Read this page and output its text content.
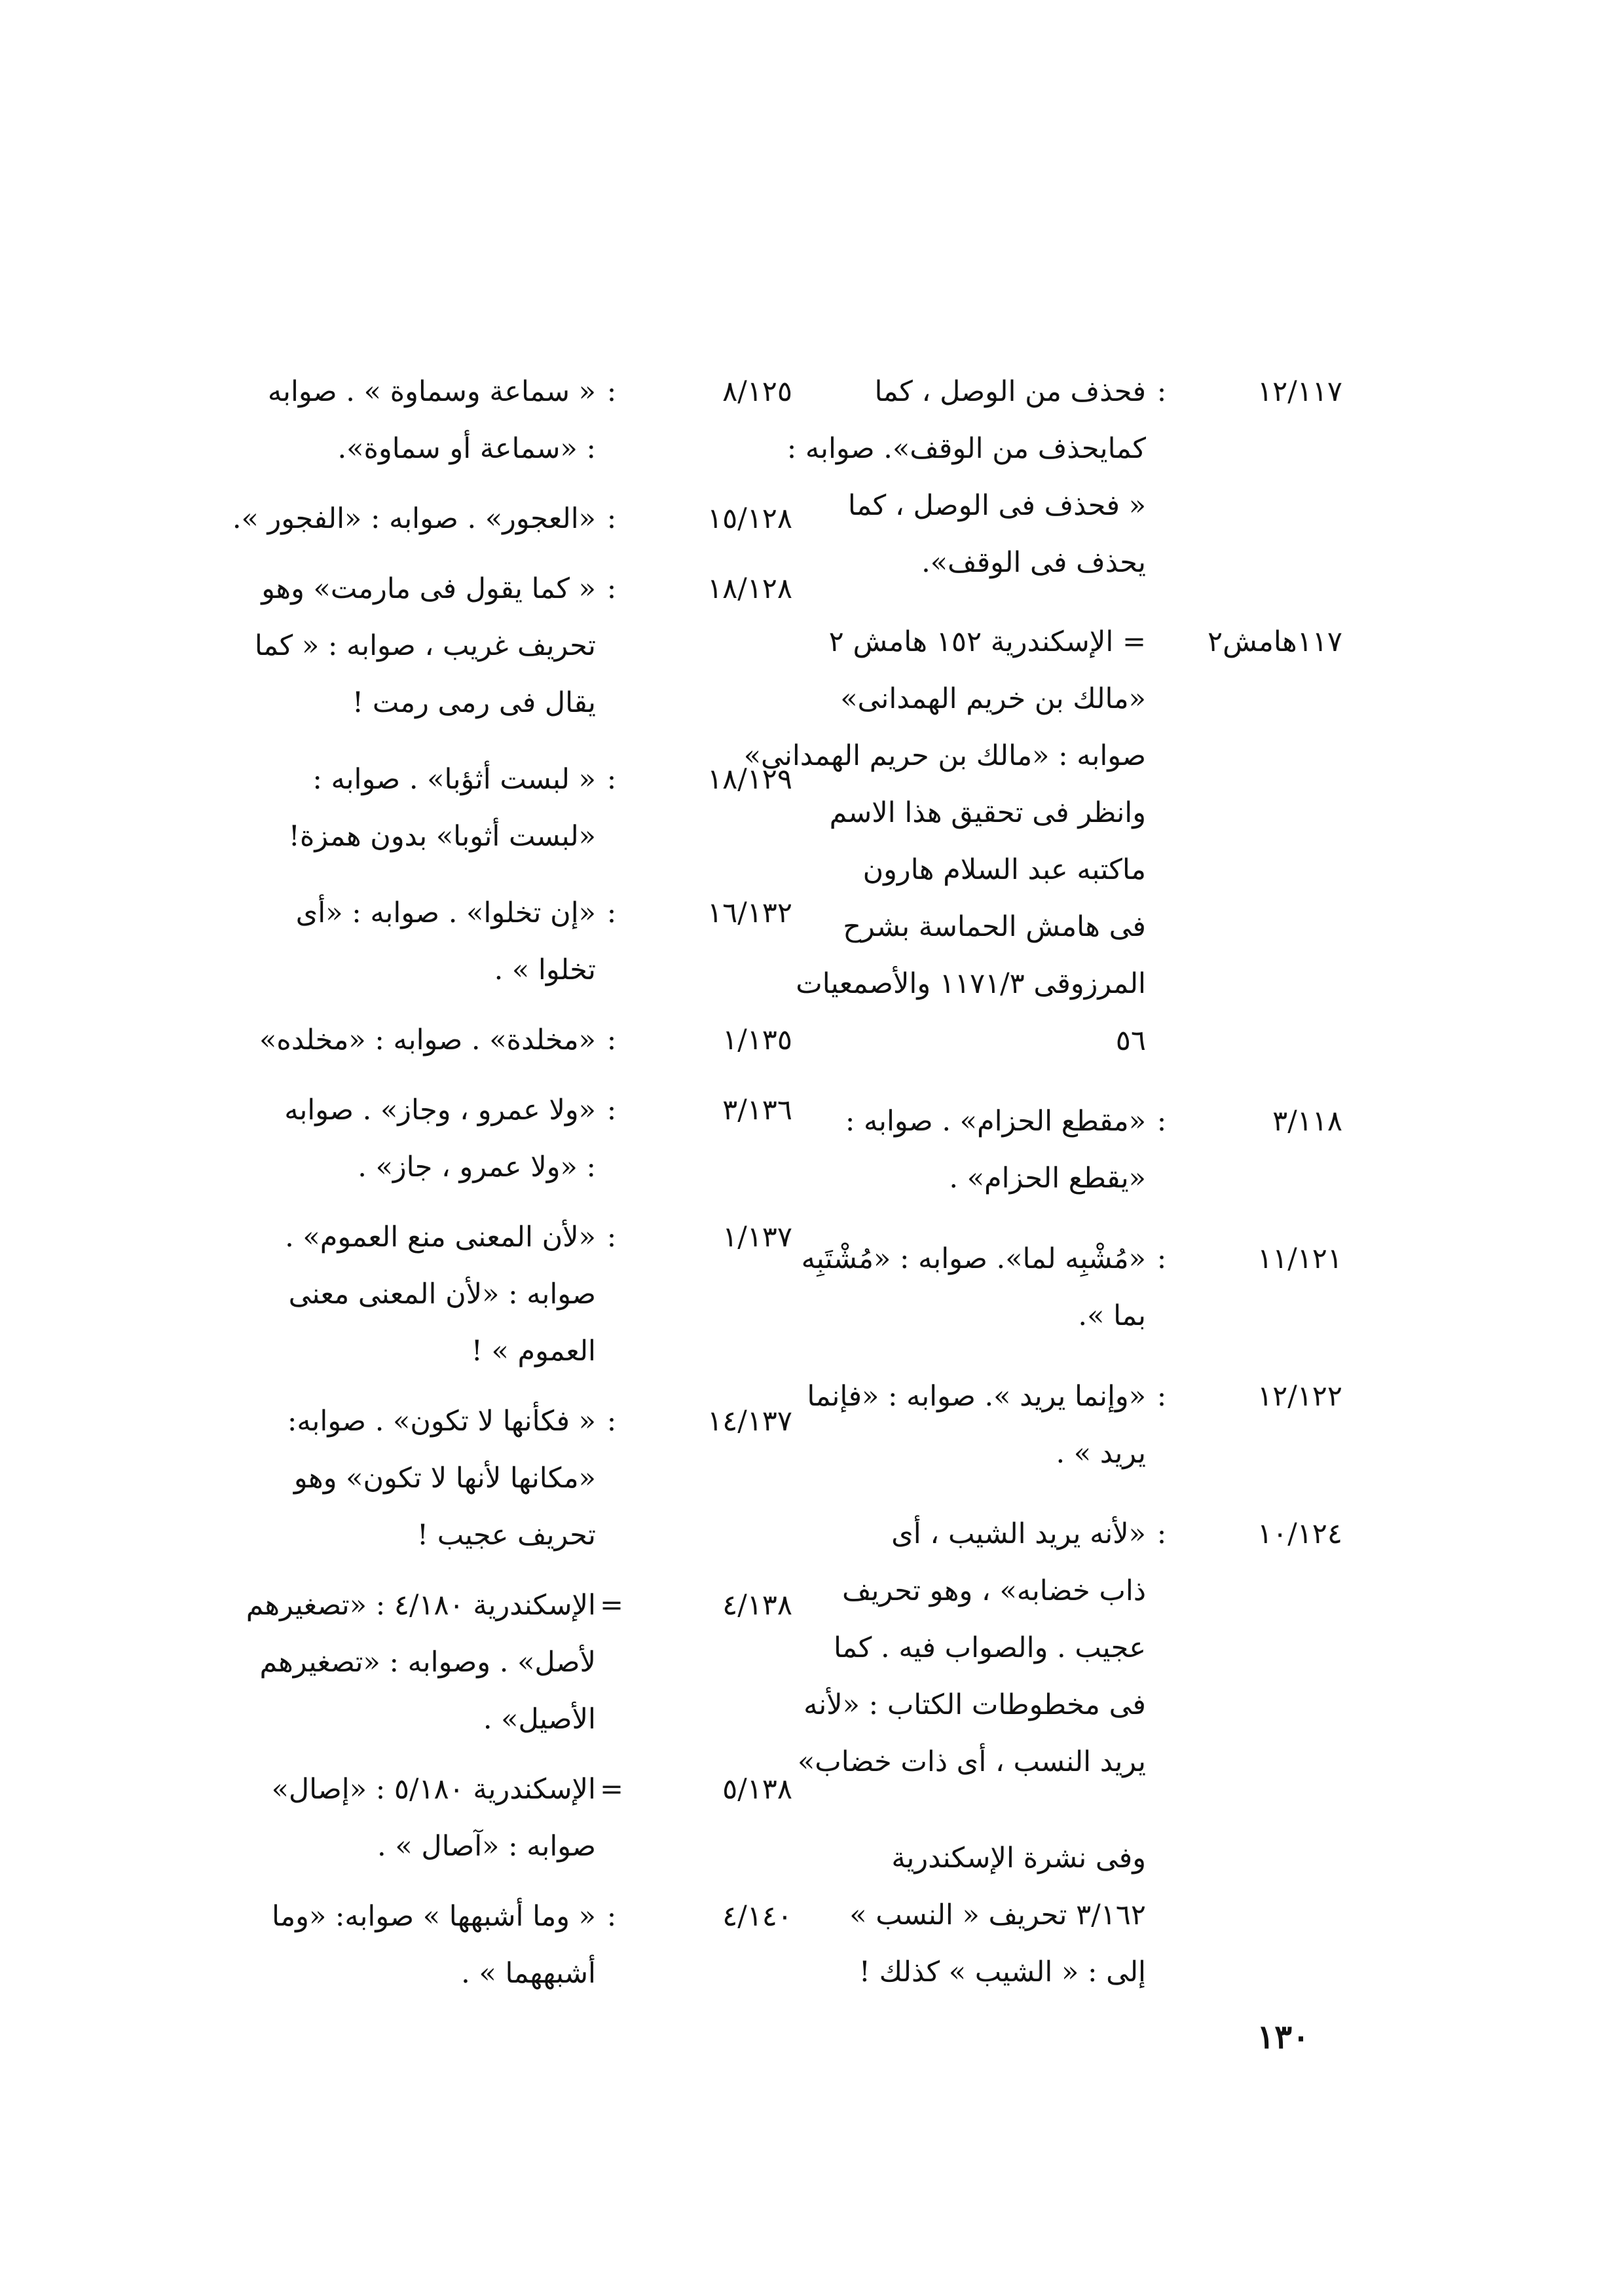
١٢/١١٧
:
فحذف من الوصل ، كما
كمايحذف من الوقف». صوابه :
« فحذف فى الوصل ، كما
يحذف فى الوقف».
١١٧هامش٢
= الإسكندرية ١٥٢ هامش ٢
«مالك بن خريم الهمدانى»
صوابه : «مالك بن حريم الهمدانى»
وانظر فى تحقيق هذا الاسم
ماكتبه عبد السلام هارون
فى هامش الحماسة بشرح
المرزوقى ١١٧١/٣ والأصمعيات
٥٦
٣/١١٨
:
«مقطع الحزام» . صوابه :
«يقطع الحزام» .
١١/١٢١
:
«مُشْبِه لما». صوابه : «مُشْتَبِه
بما ».
١٢/١٢٢
:
«وإنما يريد ». صوابه : «فإنما
يريد » .
١٠/١٢٤
:
«لأنه يريد الشيب ، أى
ذاب خضابه» ، وهو تحريف
عجيب . والصواب فيه . كما
فى مخطوطات الكتاب : «لأنه
يريد النسب ، أى ذات خضاب»
وفى نشرة الإسكندرية
٣/١٦٢ تحريف « النسب »
إلى : « الشيب » كذلك !
٨/١٢٥
:
« سماعة وسماوة » . صوابه
: «سماعة أو سماوة».
١٥/١٢٨
:
«العجور» . صوابه : «الفجور ».
١٨/١٢٨
:
« كما يقول فى مارمت» وهو
تحريف غريب ، صوابه : « كما
يقال فى رمى رمت !
١٨/١٢٩
:
« لبست أثؤبا» . صوابه :
«لبست أثوبا» بدون همزة!
١٦/١٣٢
:
«إن تخلوا» . صوابه : «أى
تخلوا » .
١/١٣٥
:
«مخلدة» . صوابه : «مخلده»
٣/١٣٦
:
«ولا عمرو ، وجاز» . صوابه
: «ولا عمرو ، جاز» .
١/١٣٧
:
«لأن المعنى منع العموم» .
صوابه : «لأن المعنى معنى
العموم » !
١٤/١٣٧
:
« فكأنها لا تكون» . صوابه:
«مكانها لأنها لا تكون» وهو
تحريف عجيب !
٤/١٣٨
=
الإسكندرية ٤/١٨٠ : «تصغيرهم
لأصل» . وصوابه : «تصغيرهم
الأصيل» .
٥/١٣٨
=
الإسكندرية ٥/١٨٠ : «إصال»
صوابه : «آصال » .
٤/١٤٠
:
« وما أشبهها » صوابه: «وما
أشبههما » .
١٣٠
